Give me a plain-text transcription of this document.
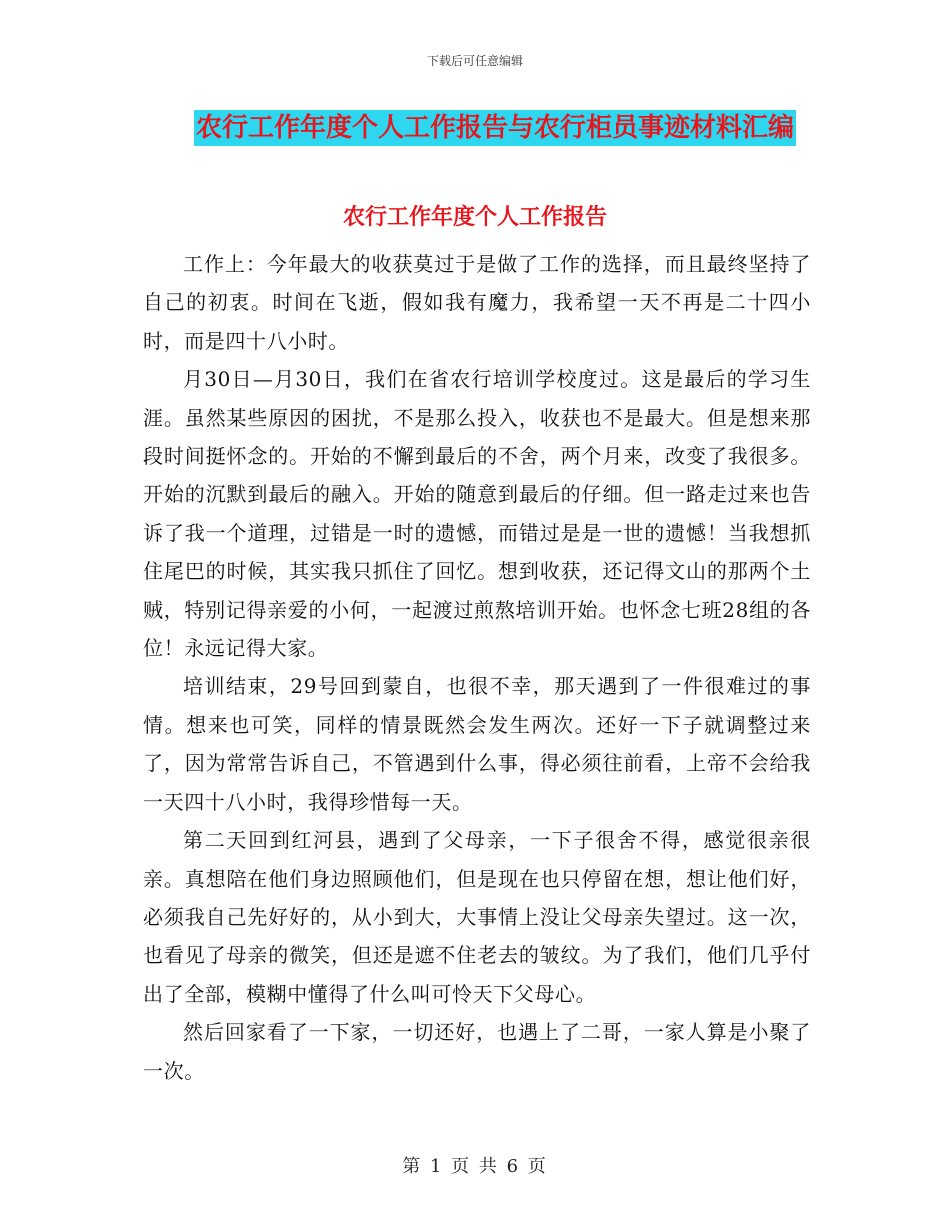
下载后可任意编辑
农行工作年度个人工作报告与农行柜员事迹材料汇编
农行工作年度个人工作报告

工作上：今年最大的收获莫过于是做了工作的选择，而且最终坚持了自己的初衷。时间在飞逝，假如我有魔力，我希望一天不再是二十四小时，而是四十八小时。

月30日—月30日，我们在省农行培训学校度过。这是最后的学习生涯。虽然某些原因的困扰，不是那么投入，收获也不是最大。但是想来那段时间挺怀念的。开始的不懈到最后的不舍，两个月来，改变了我很多。开始的沉默到最后的融入。开始的随意到最后的仔细。但一路走过来也告诉了我一个道理，过错是一时的遗憾，而错过是是一世的遗憾！当我想抓住尾巴的时候，其实我只抓住了回忆。想到收获，还记得文山的那两个土贼，特别记得亲爱的小何，一起渡过煎熬培训开始。也怀念七班28组的各位！永远记得大家。

培训结束，29号回到蒙自，也很不幸，那天遇到了一件很难过的事情。想来也可笑，同样的情景既然会发生两次。还好一下子就调整过来了，因为常常告诉自己，不管遇到什么事，得必须往前看，上帝不会给我一天四十八小时，我得珍惜每一天。

第二天回到红河县，遇到了父母亲，一下子很舍不得，感觉很亲很亲。真想陪在他们身边照顾他们，但是现在也只停留在想，想让他们好，必须我自己先好好的，从小到大，大事情上没让父母亲失望过。这一次，也看见了母亲的微笑，但还是遮不住老去的皱纹。为了我们，他们几乎付出了全部，模糊中懂得了什么叫可怜天下父母心。

然后回家看了一下家，一切还好，也遇上了二哥，一家人算是小聚了一次。

第 1 页 共 6 页
